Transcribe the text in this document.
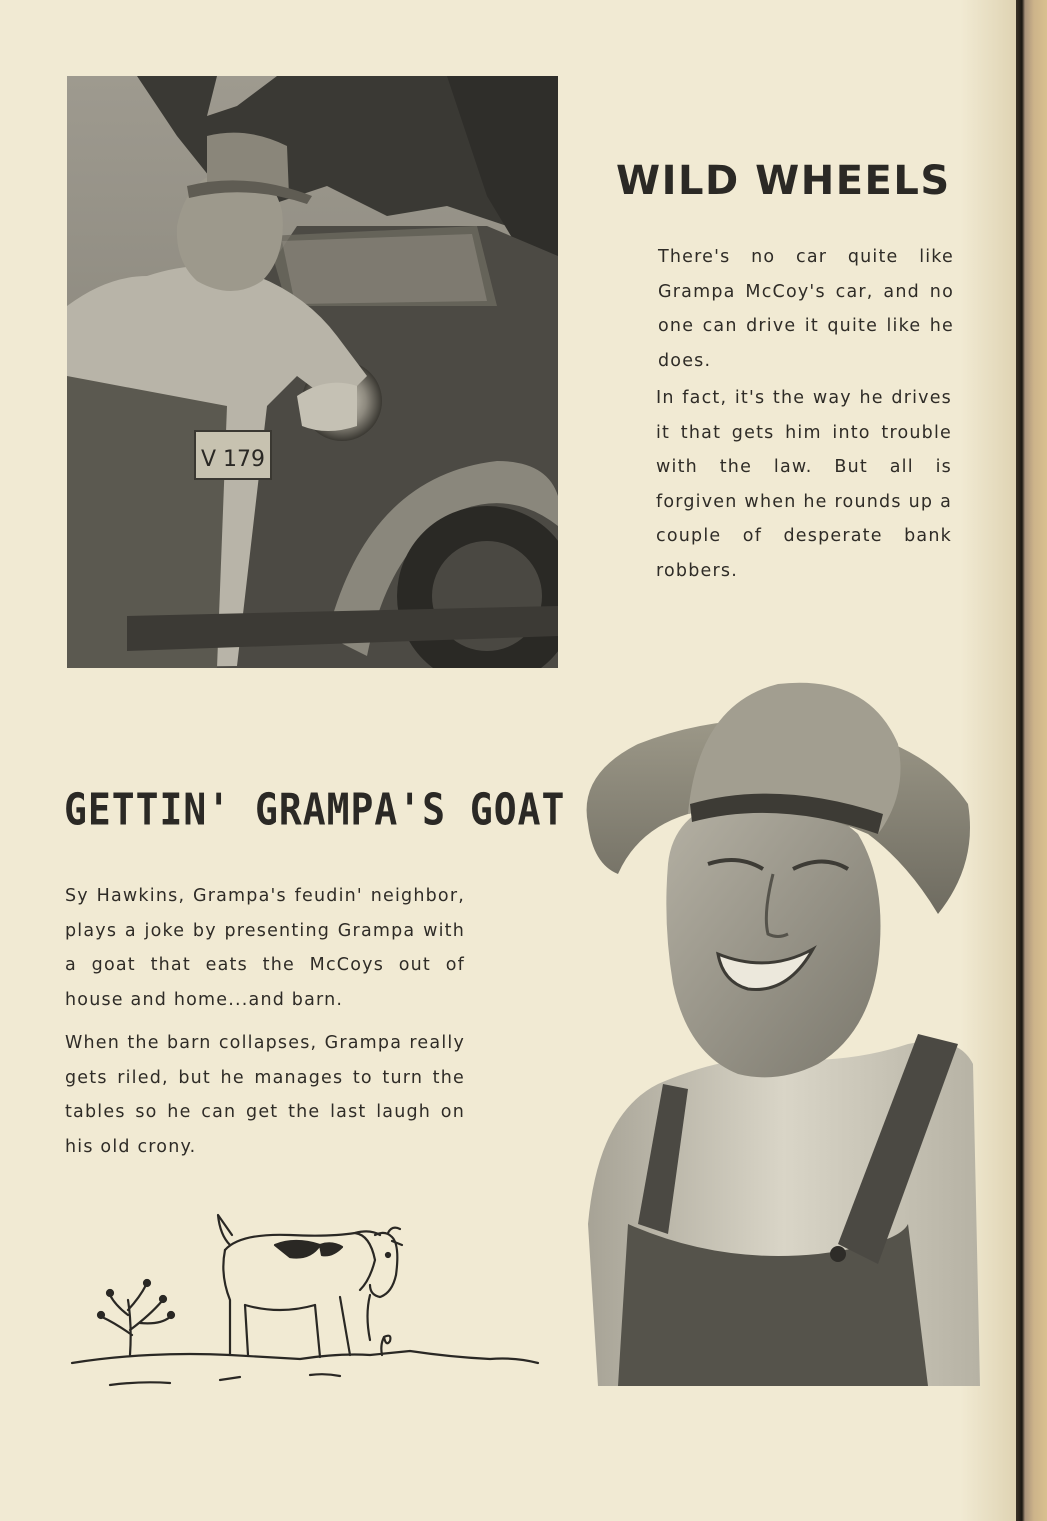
V 179
WILD WHEELS

There's no car quite like Grampa McCoy's car, and no one can drive it quite like he does.

In fact, it's the way he drives it that gets him into trouble with the law. But all is forgiven when he rounds up a couple of desperate bank robbers.

GETTIN' GRAMPA'S GOAT

Sy Hawkins, Grampa's feudin' neighbor, plays a joke by presenting Grampa with a goat that eats the McCoys out of house and home...and barn.

When the barn collapses, Grampa really gets riled, but he manages to turn the tables so he can get the last laugh on his old crony.
